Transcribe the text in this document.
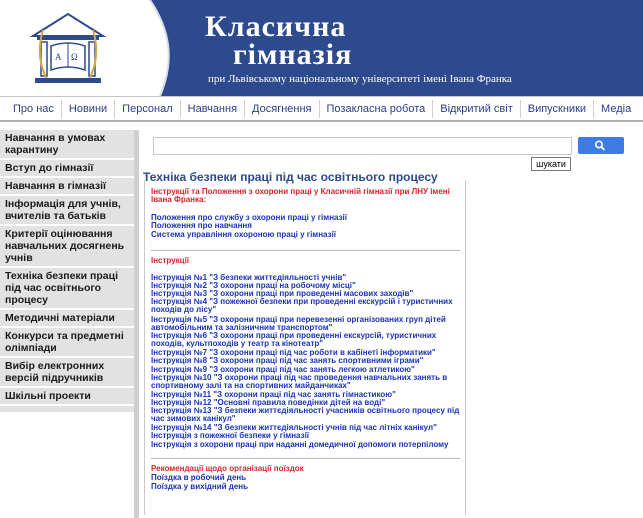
A Ω
Класична
гімназія
при Львівському національному університеті імені Івана Франка
Про нас	Новини	Персонал	Навчання	Досягнення	Позакласна робота	Відкритий світ	Випускники	Медіа
Навчання в умовах карантину
Вступ до гімназії
Навчання в гімназії
Інформація для учнів, вчителів та батьків
Критерії оцінювання навчальних досягнень учнів
Техніка безпеки праці під час освітнього процесу
Методичні матеріали
Конкурси та предметні олімпіади
Вибір електронних версій підручників
Шкільні проекти
шукати
Техніка безпеки праці під час освітнього процесу
Інструкції та Положення з охорони праці у Класичній гімназії при ЛНУ імені Івана Франка:
Положення про службу з охорони праці у гімназії
Положення про навчання
Система управління охороною праці у гімназії
Інструкції
Інструкція №1 "З безпеки життєдіяльності учнів"
Інструкція №2 "З охорони праці на робочому місці"
Інструкція №3 "З охорони праці при проведенні масових заходів"
Інструкція №4 "З пожежної безпеки при проведенні екскурсій і туристичних походів до лісу"
Інструкція №5 "З охорони праці при перевезенні організованих груп дітей автомобільним та залізничним транспортом"
Інструкція №6 "З охорони праці при проведенні екскурсій, туристичних походів, культпоходів у театр та кінотеатр"
Інструкція №7 "З охорони праці під час роботи в кабінеті інформатики"
Інструкція №8 "З охорони праці під час занять спортивними іграми"
Інструкція №9 "З охорони праці під час занять легкою атлетикою"
Інструкція №10 "З охорони праці під час проведення навчальних занять в спортивному залі та на спортивних майданчиках"
Інструкція №11 "З охорони праці під час занять гімнастикою"
Інструкція №12 "Основні правила поведінки дітей на воді"
Інструкція №13 "З безпеки життєдіяльності учасників освітнього процесу під час зимових канікул"
Інструкція №14 "З безпеки життєдіяльності учнів під час літніх канікул"
Інструкція з пожежної безпеки у гімназії
Інструкція з охорони праці при наданні домедичної допомоги потерпілому
Рекомендації щодо організації поїздок
Поїздка в робочий день
Поїздка у вихідний день
